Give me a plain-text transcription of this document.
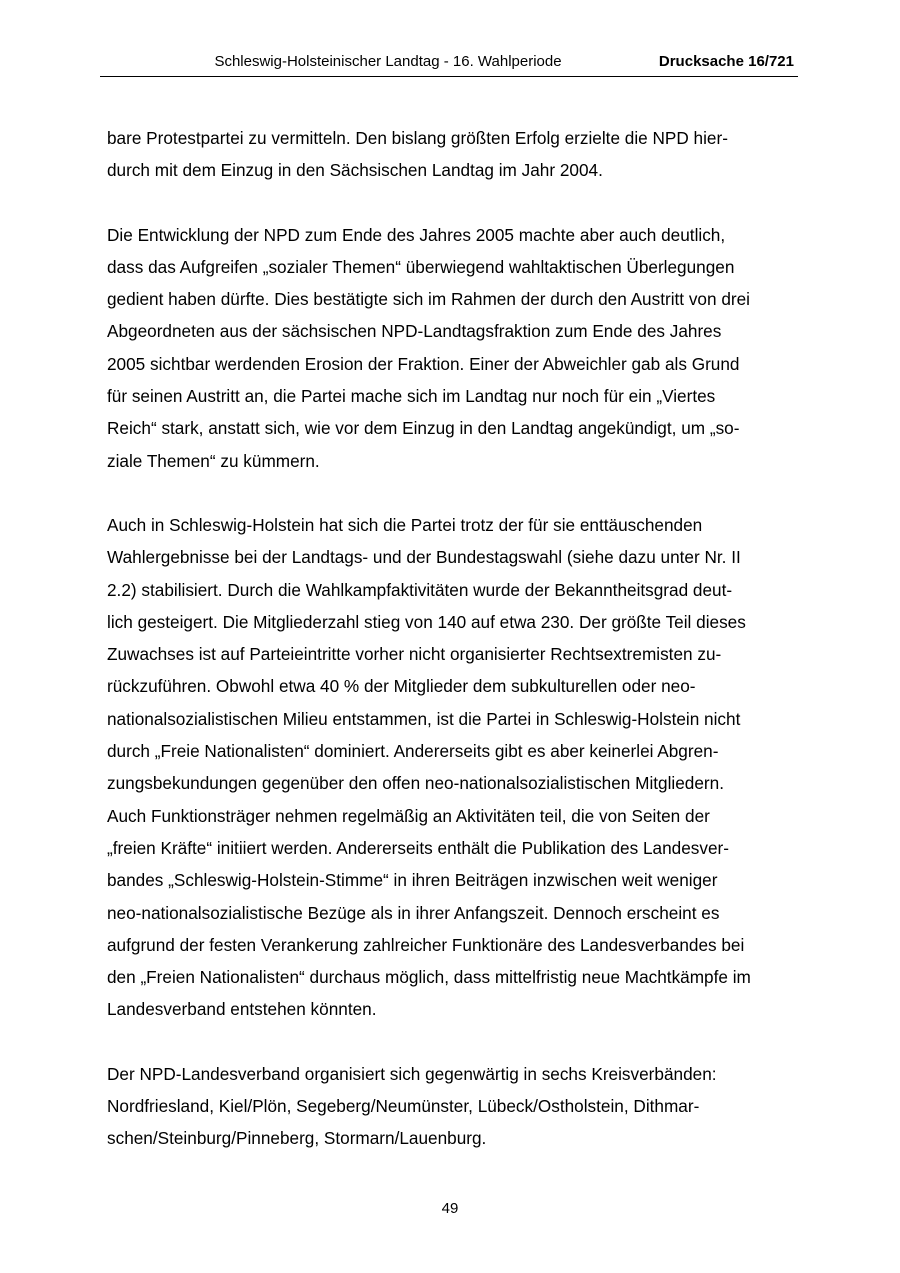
Schleswig-Holsteinischer Landtag - 16. Wahlperiode	Drucksache 16/721

bare Protestpartei zu vermitteln. Den bislang größten Erfolg erzielte die NPD hier-
durch mit dem Einzug in den Sächsischen Landtag im Jahr 2004.

Die Entwicklung der NPD zum Ende des Jahres 2005 machte aber auch deutlich,
dass das Aufgreifen „sozialer Themen“ überwiegend wahltaktischen Überlegungen
gedient haben dürfte. Dies bestätigte sich im Rahmen der durch den Austritt von drei
Abgeordneten aus der sächsischen NPD-Landtagsfraktion zum Ende des Jahres
2005 sichtbar werdenden Erosion der Fraktion. Einer der Abweichler gab als Grund
für seinen Austritt an, die Partei mache sich im Landtag nur noch für ein „Viertes
Reich“ stark, anstatt sich, wie vor dem Einzug in den Landtag angekündigt, um „so-
ziale Themen“ zu kümmern.

Auch in Schleswig-Holstein hat sich die Partei trotz der für sie enttäuschenden
Wahlergebnisse bei der Landtags- und der Bundestagswahl (siehe dazu unter Nr. II
2.2) stabilisiert. Durch die Wahlkampfaktivitäten wurde der Bekanntheitsgrad deut-
lich gesteigert. Die Mitgliederzahl stieg von 140 auf etwa 230. Der größte Teil dieses
Zuwachses ist auf Parteieintritte vorher nicht organisierter Rechtsextremisten zu-
rückzuführen. Obwohl etwa 40 % der Mitglieder dem subkulturellen oder neo-
nationalsozialistischen Milieu entstammen, ist die Partei in Schleswig-Holstein nicht
durch „Freie Nationalisten“ dominiert. Andererseits gibt es aber keinerlei Abgren-
zungsbekundungen gegenüber den offen neo-nationalsozialistischen Mitgliedern.
Auch Funktionsträger nehmen regelmäßig an Aktivitäten teil, die von Seiten der
„freien Kräfte“ initiiert werden. Andererseits enthält die Publikation des Landesver-
bandes „Schleswig-Holstein-Stimme“ in ihren Beiträgen inzwischen weit weniger
neo-nationalsozialistische Bezüge als in ihrer Anfangszeit. Dennoch erscheint es
aufgrund der festen Verankerung zahlreicher Funktionäre des Landesverbandes bei
den „Freien Nationalisten“ durchaus möglich, dass mittelfristig neue Machtkämpfe im
Landesverband entstehen könnten.

Der NPD-Landesverband organisiert sich gegenwärtig in sechs Kreisverbänden:
Nordfriesland, Kiel/Plön, Segeberg/Neumünster, Lübeck/Ostholstein, Dithmar-
schen/Steinburg/Pinneberg, Stormarn/Lauenburg.

49
